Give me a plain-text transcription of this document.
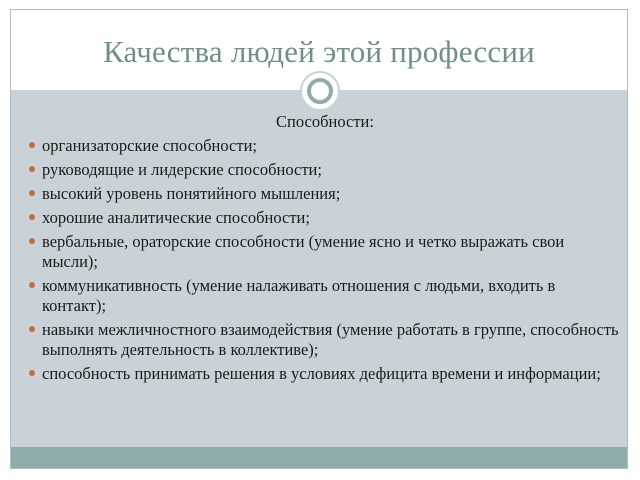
Качества людей этой профессии
Способности:
организаторские способности;
руководящие и лидерские способности;
высокий уровень понятийного мышления;
хорошие аналитические способности;
вербальные, ораторские способности (умение ясно и четко выражать свои мысли);
коммуникативность (умение налаживать отношения с людьми, входить в контакт);
навыки межличностного взаимодействия (умение работать в группе, способность выполнять деятельность в коллективе);
способность принимать решения в условиях дефицита времени и информации;
